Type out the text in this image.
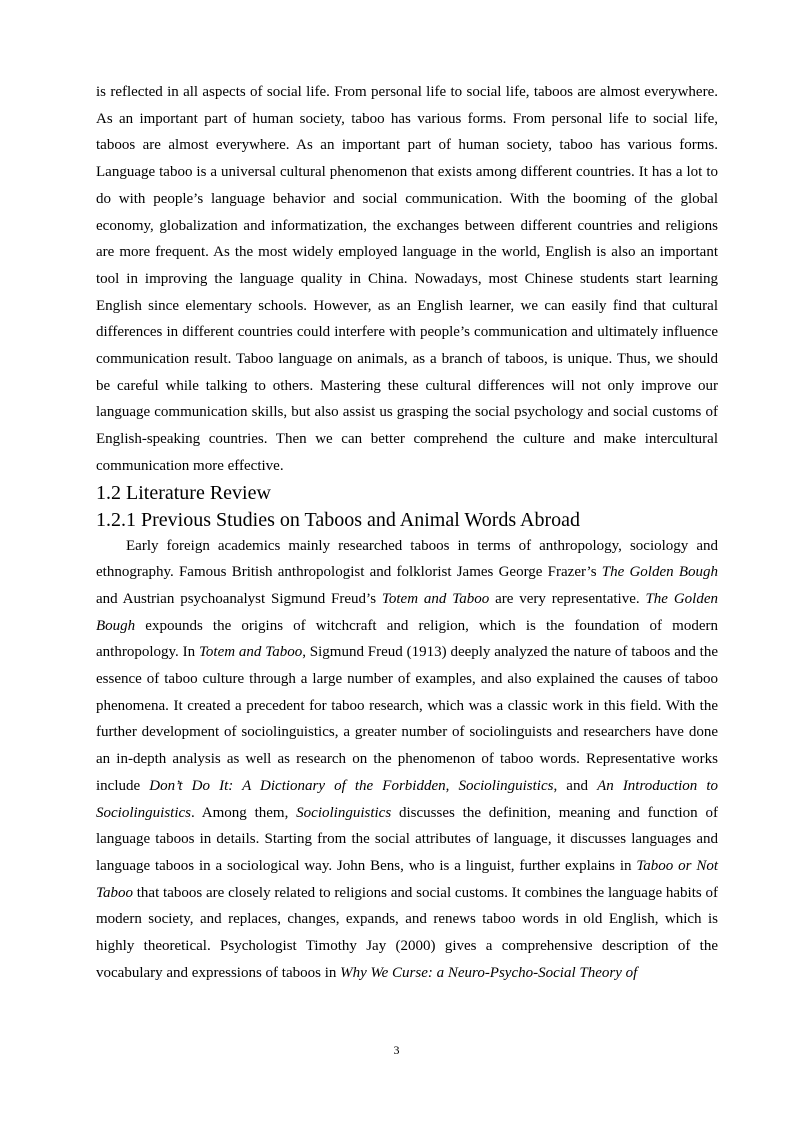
is reflected in all aspects of social life. From personal life to social life, taboos are almost everywhere. As an important part of human society, taboo has various forms. From personal life to social life, taboos are almost everywhere. As an important part of human society, taboo has various forms. Language taboo is a universal cultural phenomenon that exists among different countries. It has a lot to do with people’s language behavior and social communication. With the booming of the global economy, globalization and informatization, the exchanges between different countries and religions are more frequent. As the most widely employed language in the world, English is also an important tool in improving the language quality in China. Nowadays, most Chinese students start learning English since elementary schools. However, as an English learner, we can easily find that cultural differences in different countries could interfere with people’s communication and ultimately influence communication result. Taboo language on animals, as a branch of taboos, is unique. Thus, we should be careful while talking to others. Mastering these cultural differences will not only improve our language communication skills, but also assist us grasping the social psychology and social customs of English-speaking countries. Then we can better comprehend the culture and make intercultural communication more effective.

1.2 Literature Review
1.2.1 Previous Studies on Taboos and Animal Words Abroad

Early foreign academics mainly researched taboos in terms of anthropology, sociology and ethnography. Famous British anthropologist and folklorist James George Frazer’s The Golden Bough and Austrian psychoanalyst Sigmund Freud’s Totem and Taboo are very representative. The Golden Bough expounds the origins of witchcraft and religion, which is the foundation of modern anthropology. In Totem and Taboo, Sigmund Freud (1913) deeply analyzed the nature of taboos and the essence of taboo culture through a large number of examples, and also explained the causes of taboo phenomena. It created a precedent for taboo research, which was a classic work in this field. With the further development of sociolinguistics, a greater number of sociolinguists and researchers have done an in-depth analysis as well as research on the phenomenon of taboo words. Representative works include Don’t Do It: A Dictionary of the Forbidden, Sociolinguistics, and An Introduction to Sociolinguistics. Among them, Sociolinguistics discusses the definition, meaning and function of language taboos in details. Starting from the social attributes of language, it discusses languages and language taboos in a sociological way. John Bens, who is a linguist, further explains in Taboo or Not Taboo that taboos are closely related to religions and social customs. It combines the language habits of modern society, and replaces, changes, expands, and renews taboo words in old English, which is highly theoretical. Psychologist Timothy Jay (2000) gives a comprehensive description of the vocabulary and expressions of taboos in Why We Curse: a Neuro-Psycho-Social Theory of

3
